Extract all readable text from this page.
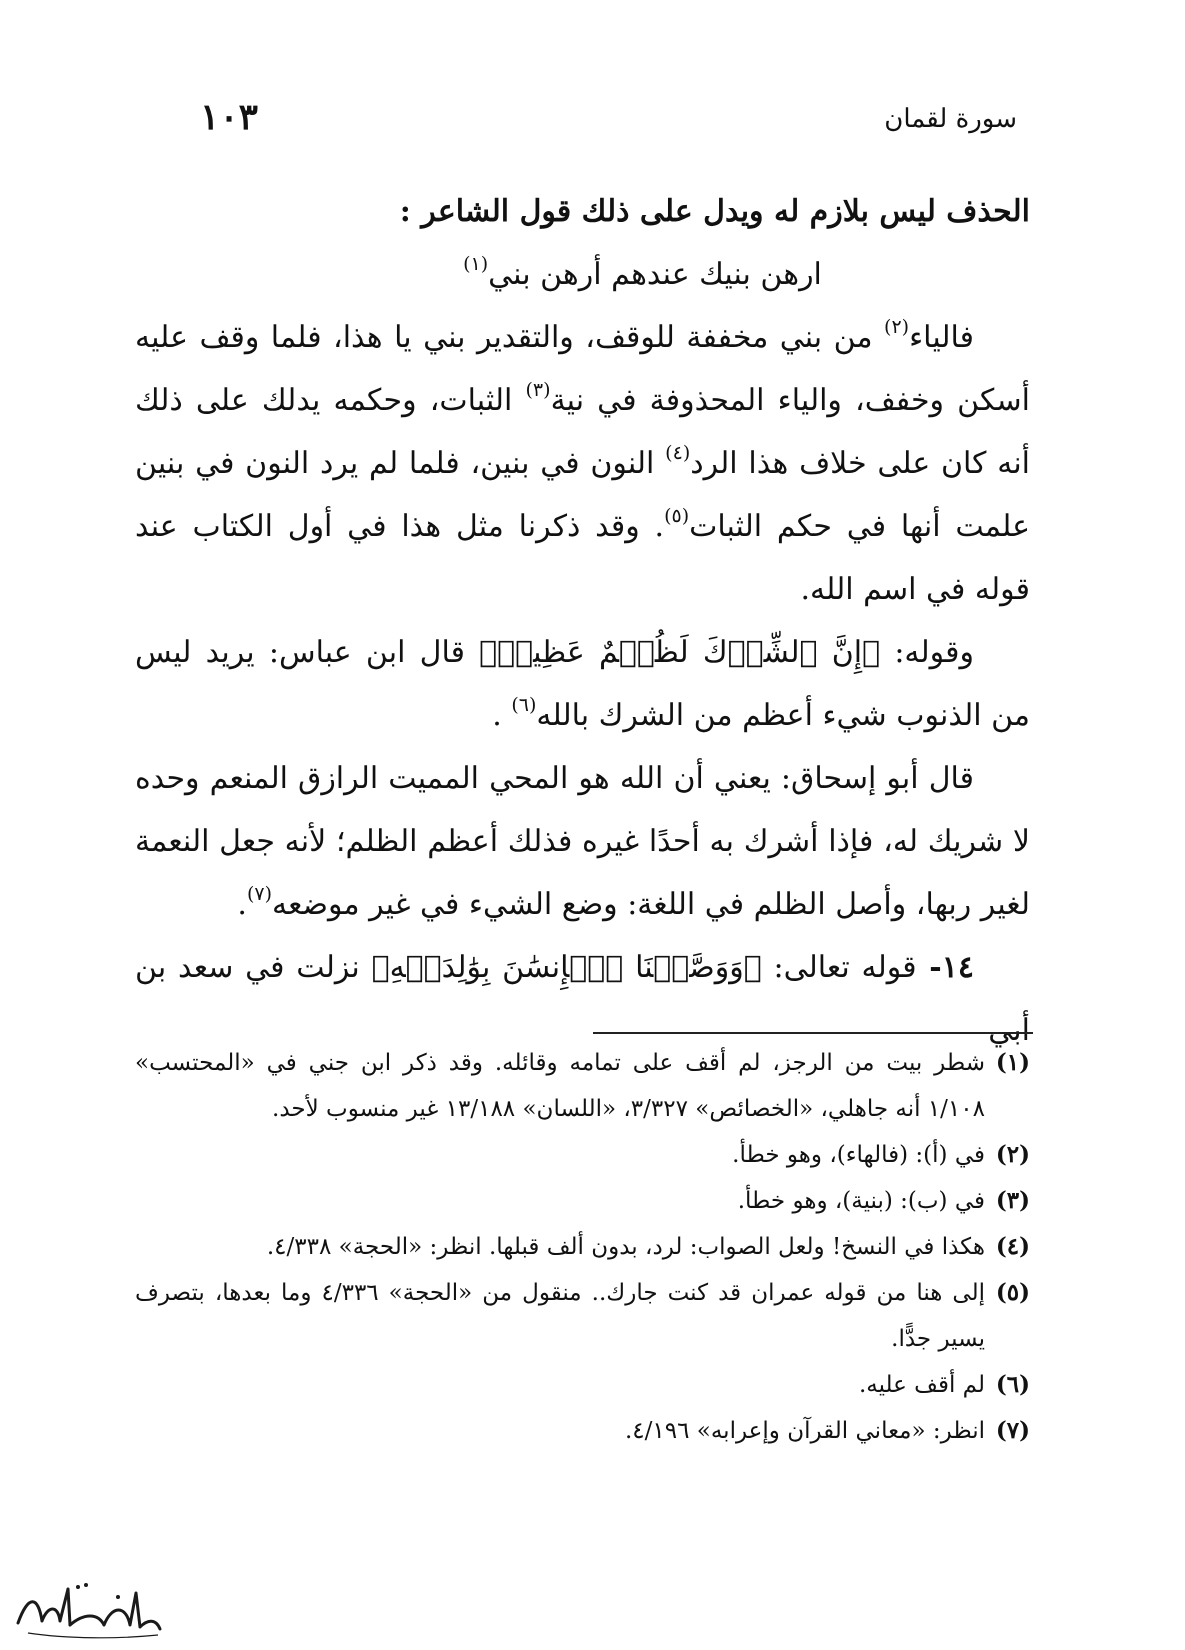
سورة لقمان
١٠٣

الحذف ليس بلازم له ويدل على ذلك قول الشاعر :

ارهن بنيك عندهم أرهن بني$^{(١)}$

فالياء$^{(٢)}$ من بني مخففة للوقف، والتقدير بني يا هذا، فلما وقف عليه أسكن وخفف، والياء المحذوفة في نية$^{(٣)}$ الثبات، وحكمه يدلك على ذلك أنه كان على خلاف هذا الرد$^{(٤)}$ النون في بنين، فلما لم يرد النون في بنين علمت أنها في حكم الثبات$^{(٥)}$. وقد ذكرنا مثل هذا في أول الكتاب عند قوله في اسم الله.

وقوله: ﴿إِنَّ ٱلشِّرۡكَ لَظُلۡمٌ عَظِيمٞ﴾ قال ابن عباس: يريد ليس من الذنوب شيء أعظم من الشرك بالله$^{(٦)}$ .

قال أبو إسحاق: يعني أن الله هو المحي المميت الرازق المنعم وحده لا شريك له، فإذا أشرك به أحدًا غيره فذلك أعظم الظلم؛ لأنه جعل النعمة لغير ربها، وأصل الظلم في اللغة: وضع الشيء في غير موضعه$^{(٧)}$.

١٤- قوله تعالى: ﴿وَوَصَّيۡنَا ٱلۡإِنسَٰنَ بِوَٰلِدَيۡهِ﴾ نزلت في سعد بن أبي

(١)
شطر بيت من الرجز، لم أقف على تمامه وقائله. وقد ذكر ابن جني في «المحتسب» ١/١٠٨ أنه جاهلي، «الخصائص» ٣/٣٢٧، «اللسان» ١٣/١٨٨ غير منسوب لأحد.
(٢)
في (أ): (فالهاء)، وهو خطأ.
(٣)
في (ب): (بنية)، وهو خطأ.
(٤)
هكذا في النسخ! ولعل الصواب: لرد، بدون ألف قبلها. انظر: «الحجة» ٤/٣٣٨.
(٥)
إلى هنا من قوله عمران قد كنت جارك.. منقول من «الحجة» ٤/٣٣٦ وما بعدها، بتصرف يسير جدًّا.
(٦)
لم أقف عليه.
(٧)
انظر: «معاني القرآن وإعرابه» ٤/١٩٦.
